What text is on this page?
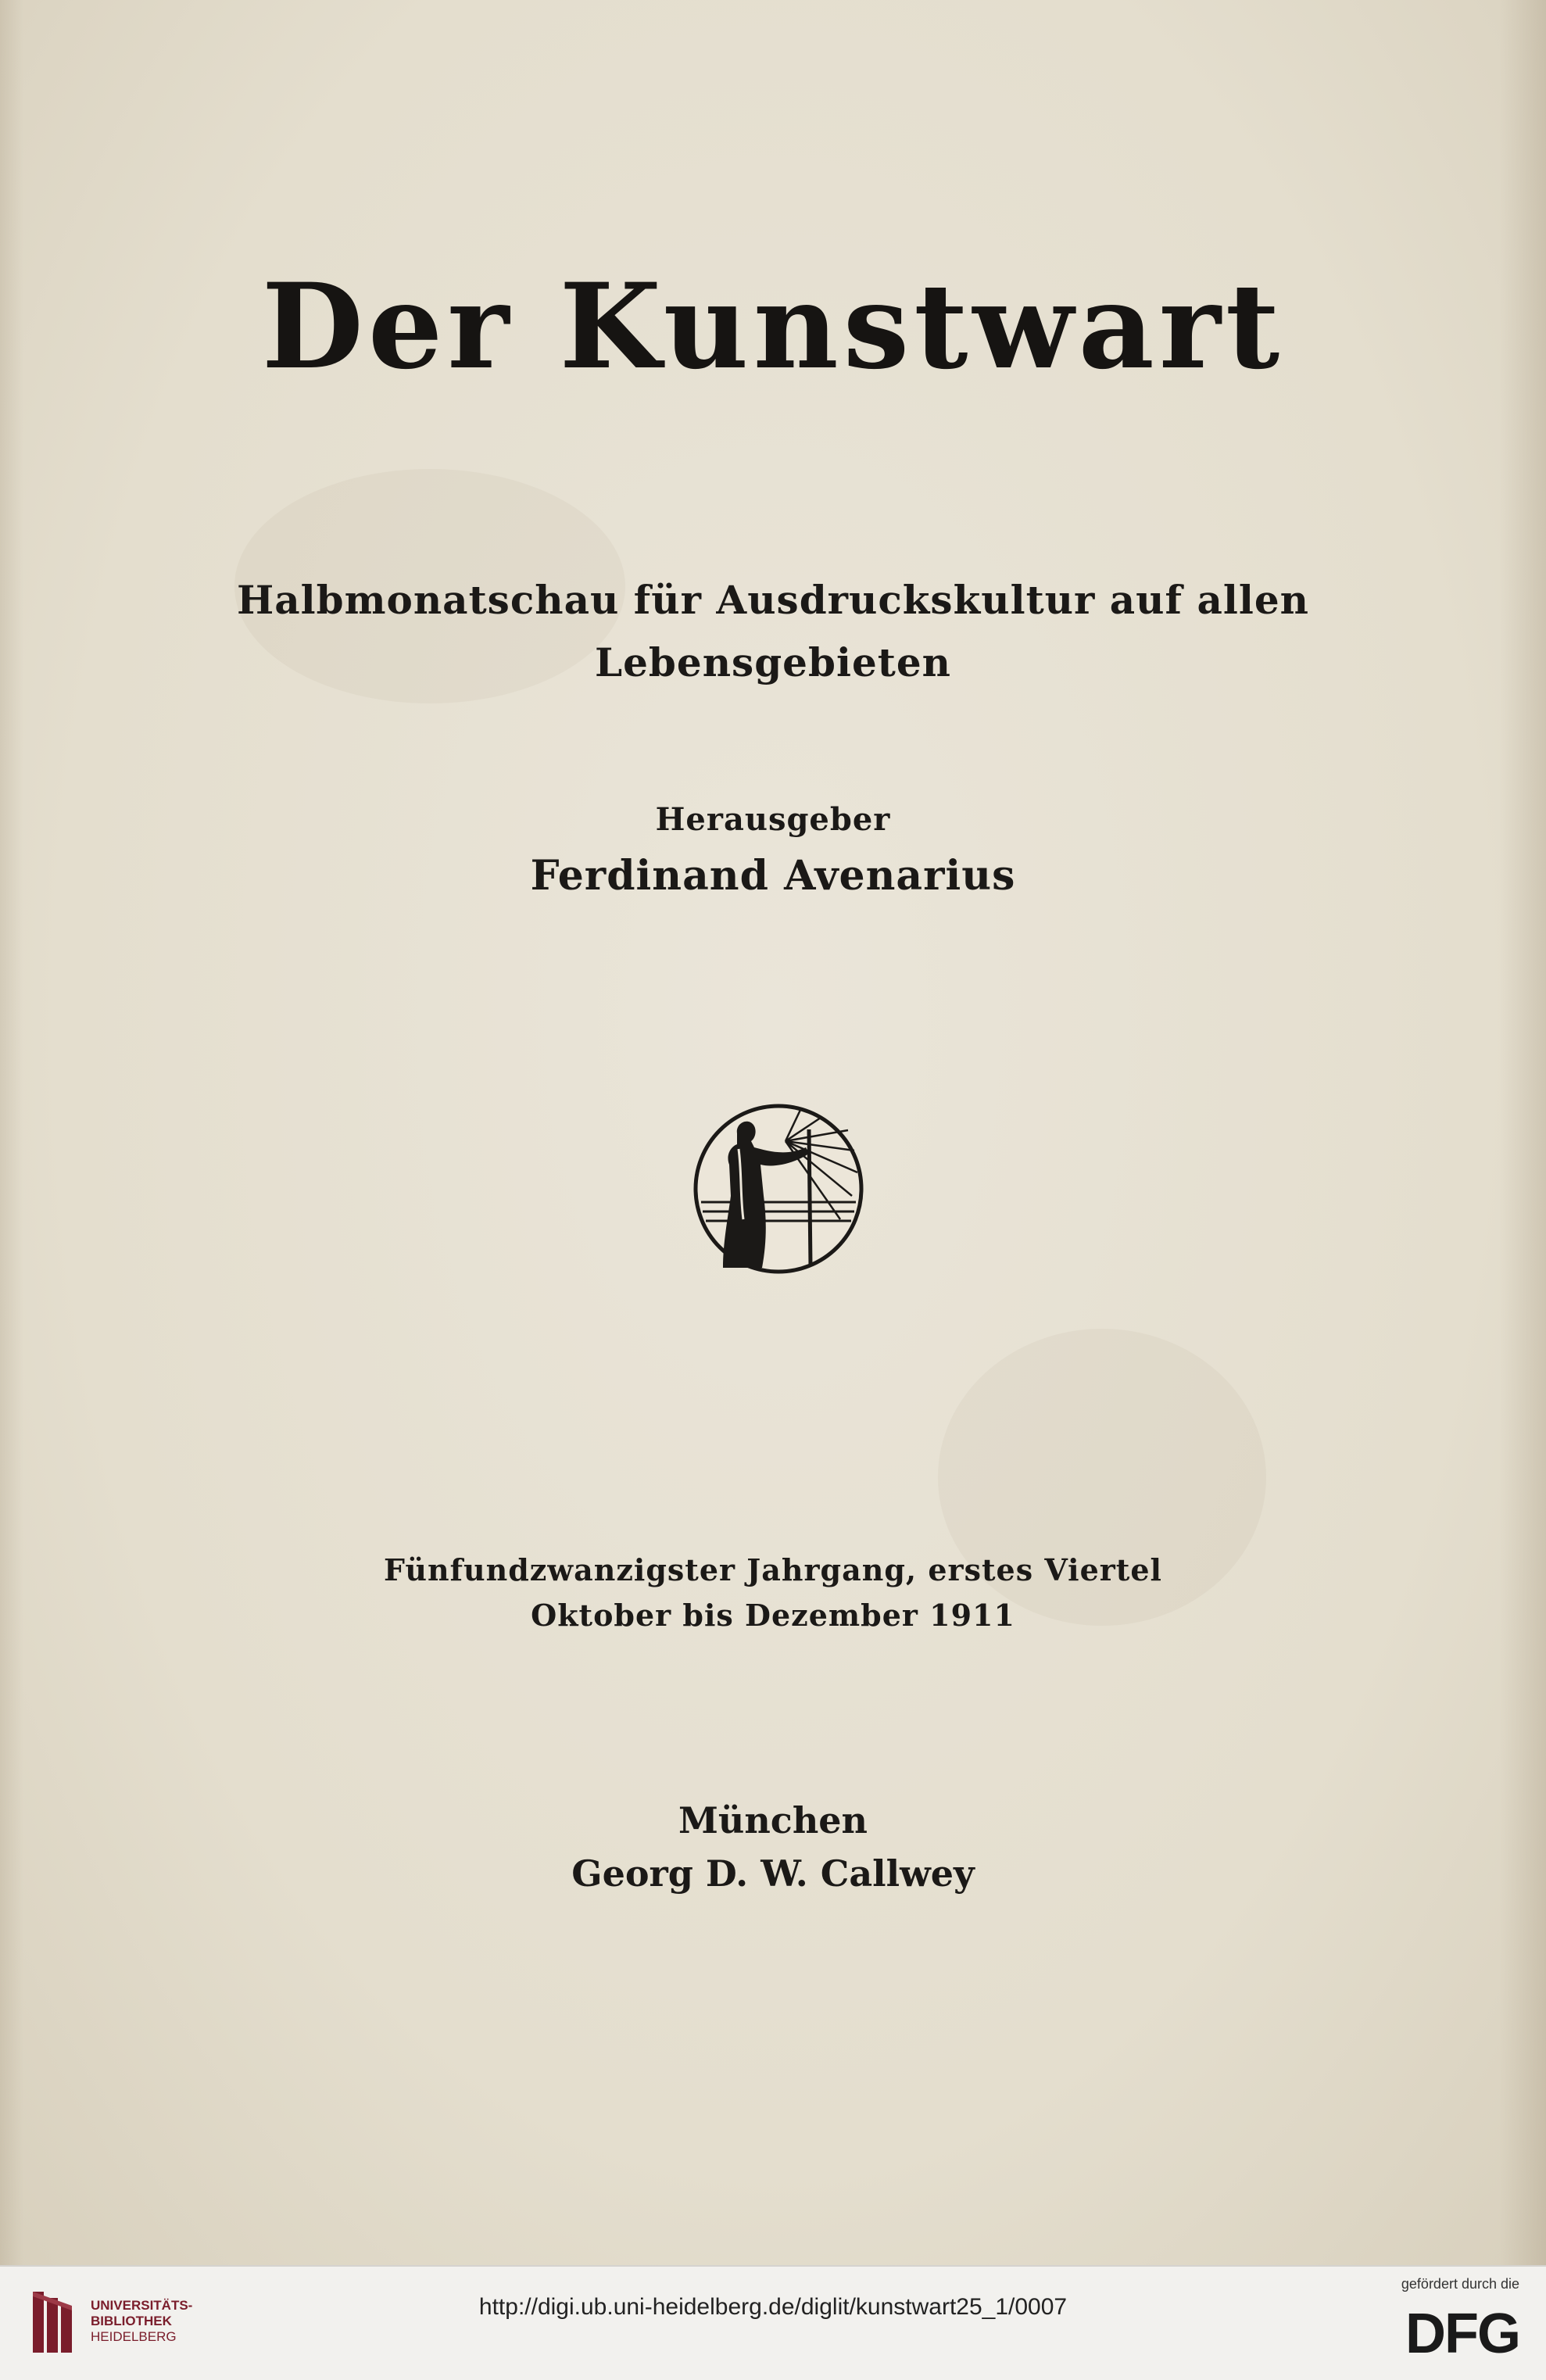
Der Kunstwart
Halbmonatschau für Ausdruckskultur auf allen
Lebensgebieten
Herausgeber
Ferdinand Avenarius
Fünfundzwanzigster Jahrgang, erstes Viertel
Oktober bis Dezember 1911
München
Georg D. W. Callwey
UNIVERSITÄTS-
BIBLIOTHEK
HEIDELBERG
http://digi.ub.uni-heidelberg.de/diglit/kunstwart25_1/0007
gefördert durch die
DFG
